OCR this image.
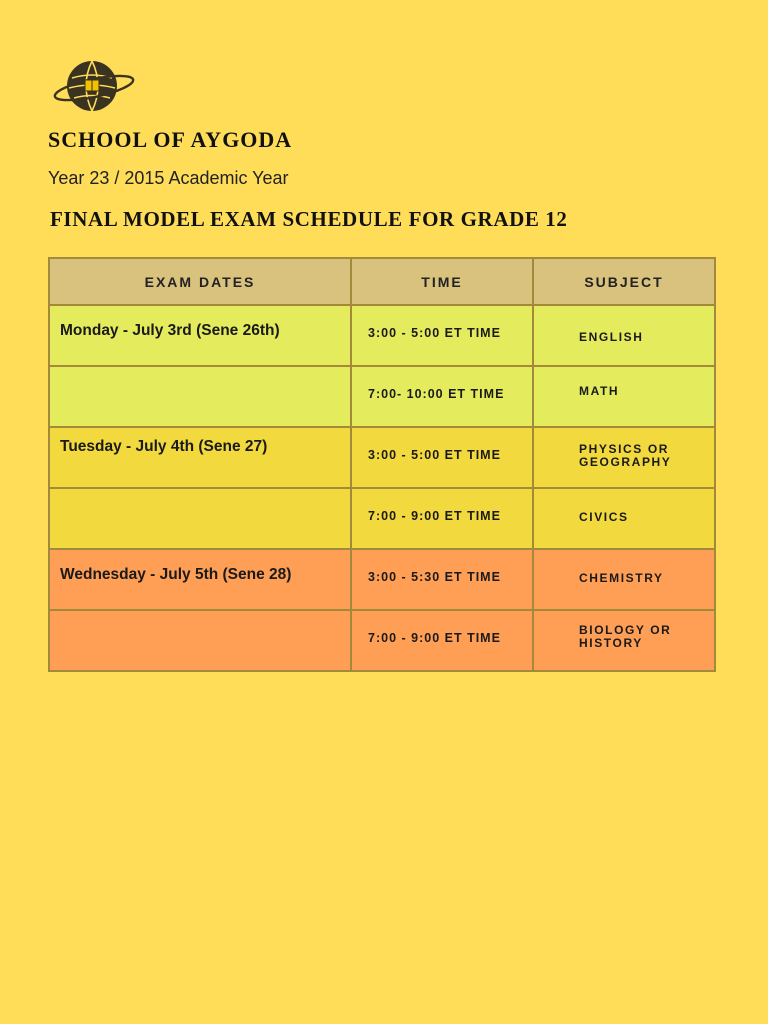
SCHOOL OF AYGODA
Year 23 / 2015 Academic Year
FINAL MODEL EXAM SCHEDULE FOR GRADE 12
EXAM DATES	TIME	SUBJECT

Monday - July 3rd (Sene 26th)	3:00 - 5:00 ET TIME	ENGLISH

	7:00- 10:00 ET TIME	MATH

Tuesday - July 4th (Sene 27)	3:00 - 5:00 ET TIME	PHYSICS OR GEOGRAPHY

	7:00 - 9:00 ET TIME	CIVICS

Wednesday - July 5th (Sene 28)	3:00 - 5:30 ET TIME	CHEMISTRY

	7:00 - 9:00 ET TIME	BIOLOGY OR HISTORY
